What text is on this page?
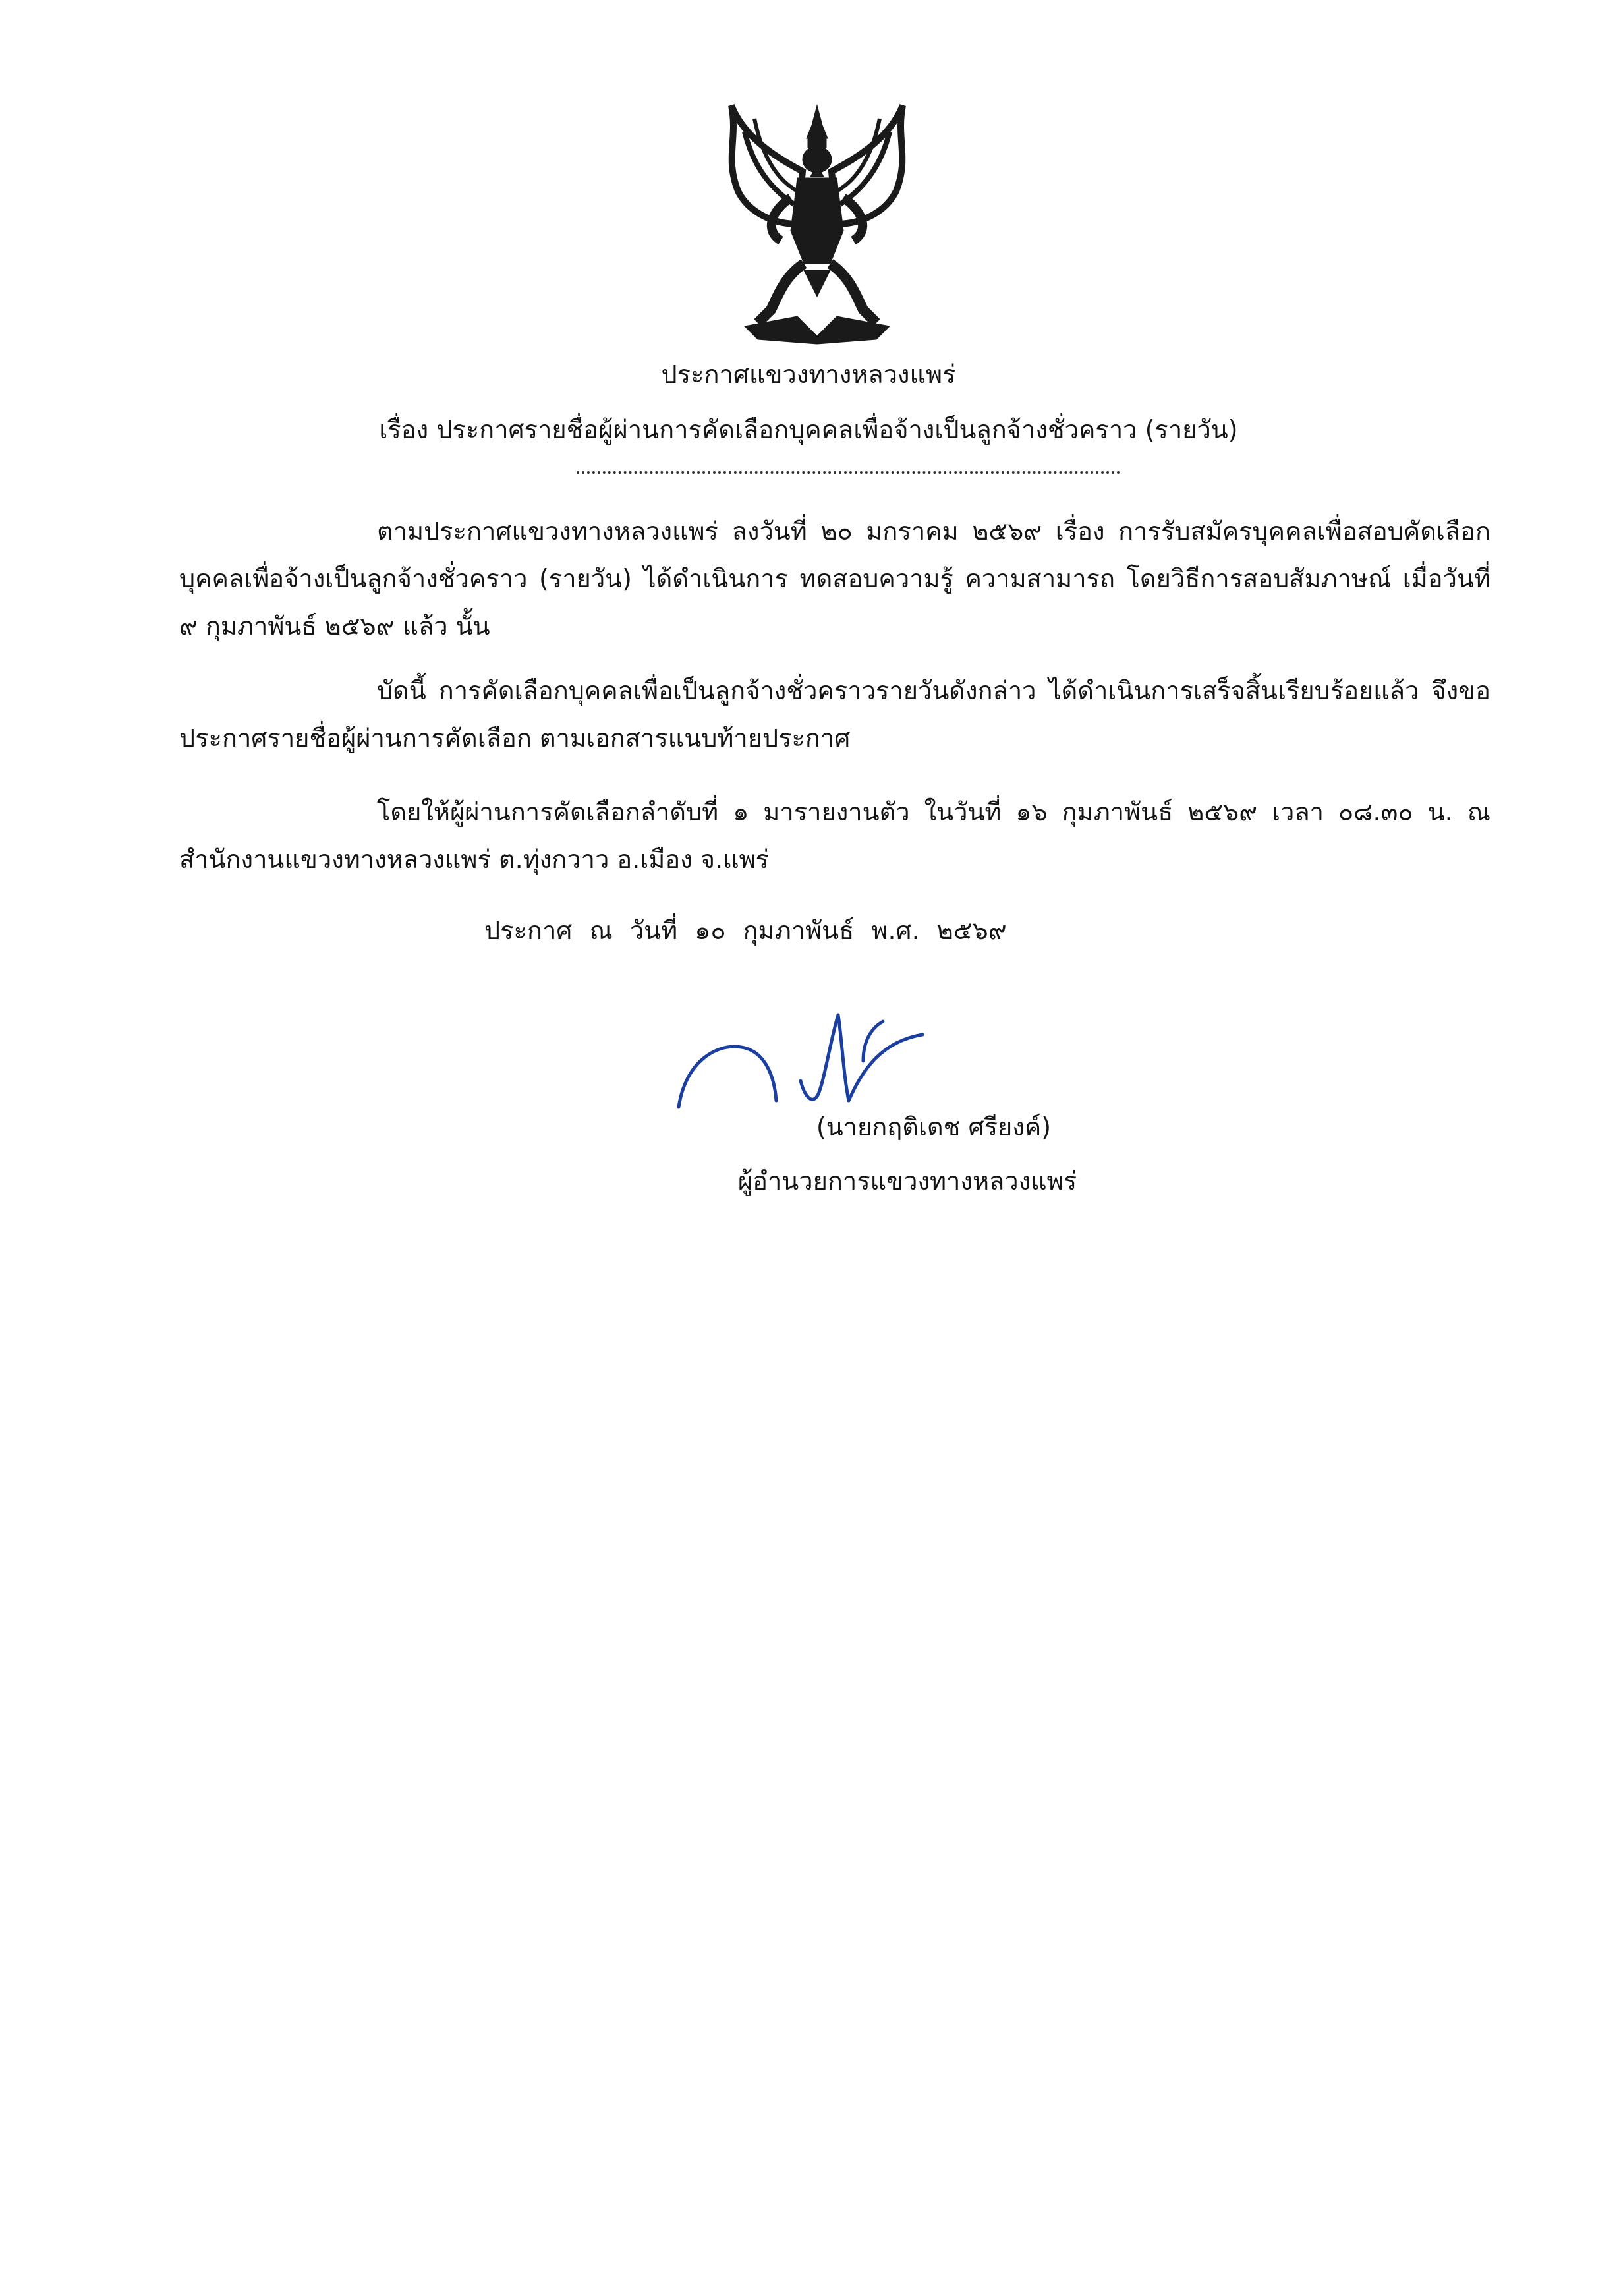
ประกาศแขวงทางหลวงแพร่
เรื่อง ประกาศรายชื่อผู้ผ่านการคัดเลือกบุคคลเพื่อจ้างเป็นลูกจ้างชั่วคราว (รายวัน)
ตามประกาศแขวงทางหลวงแพร่ ลงวันที่ ๒๐ มกราคม ๒๕๖๙ เรื่อง การรับสมัครบุคคลเพื่อสอบคัดเลือกบุคคลเพื่อจ้างเป็นลูกจ้างชั่วคราว (รายวัน) ได้ดำเนินการ ทดสอบความรู้ ความสามารถ โดยวิธีการสอบสัมภาษณ์ เมื่อวันที่ ๙ กุมภาพันธ์ ๒๕๖๙ แล้ว นั้น
บัดนี้ การคัดเลือกบุคคลเพื่อเป็นลูกจ้างชั่วคราวรายวันดังกล่าว ได้ดำเนินการเสร็จสิ้นเรียบร้อยแล้ว จึงขอประกาศรายชื่อผู้ผ่านการคัดเลือก ตามเอกสารแนบท้ายประกาศ
โดยให้ผู้ผ่านการคัดเลือกลำดับที่ ๑ มารายงานตัว ในวันที่ ๑๖ กุมภาพันธ์ ๒๕๖๙ เวลา ๐๘.๓๐ น. ณ สำนักงานแขวงทางหลวงแพร่ ต.ทุ่งกวาว อ.เมือง จ.แพร่
ประกาศ ณ วันที่ ๑๐ กุมภาพันธ์ พ.ศ. ๒๕๖๙
(นายกฤติเดช ศรียงค์)
ผู้อำนวยการแขวงทางหลวงแพร่
